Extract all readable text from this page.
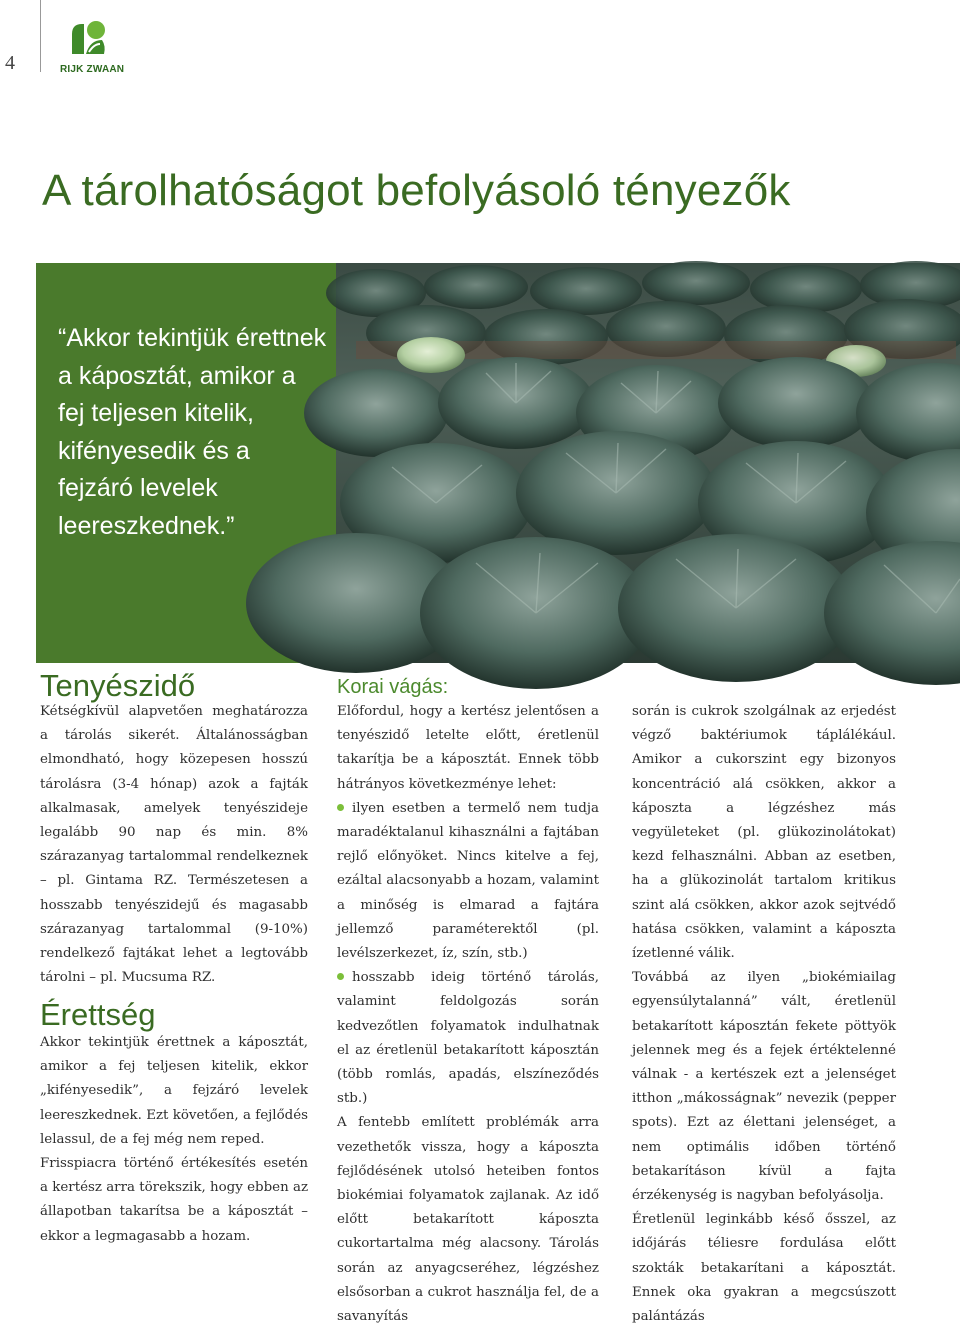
4	RIJK ZWAAN
A tárolhatóságot befolyásoló tényezők
“Akkor tekintjük érettnek a káposztát, amikor a fej teljesen kitelik, kifényesedik és a fejzáró levelek leereszkednek.”
Tenyészidő

Kétségkívül alapvetően meghatározza a tárolás sikerét. Általánosságban elmondható, hogy közepesen hosszú tárolásra (3-4 hónap) azok a fajták alkalmasak, amelyek tenyészideje legalább 90 nap és min. 8% szárazanyag tartalommal rendelkeznek – pl. Gintama RZ. Természetesen a hosszabb tenyészidejű és magasabb szárazanyag tartalommal (9-10%) rendelkező fajtákat lehet a legtovább tárolni – pl. Mucsuma RZ.

Érettség

Akkor tekintjük érettnek a káposztát, amikor a fej teljesen kitelik, ekkor „kifényesedik”, a fejzáró levelek leereszkednek. Ezt követően, a fejlődés lelassul, de a fej még nem reped.

Frisspiacra történő értékesítés esetén a kertész arra törekszik, hogy ebben az állapotban takarítsa be a káposztát – ekkor a legmagasabb a hozam.

Korai vágás:

Előfordul, hogy a kertész jelentősen a tenyészidő letelte előtt, éretlenül takarítja be a káposztát. Ennek több hátrányos következménye lehet:

ilyen esetben a termelő nem tudja maradéktalanul kihasználni a fajtában rejlő előnyöket. Nincs kitelve a fej, ezáltal alacsonyabb a hozam, valamint a minőség is elmarad a fajtára jellemző paraméterektől (pl. levélszerkezet, íz, szín, stb.)

hosszabb ideig történő tárolás, valamint feldolgozás során kedvezőtlen folyamatok indulhatnak el az éretlenül betakarított káposztán (több romlás, apadás, elszíneződés stb.)

A fentebb említett problémák arra vezethetők vissza, hogy a káposzta fejlődésének utolsó heteiben fontos biokémiai folyamatok zajlanak. Az idő előtt betakarított káposzta cukortartalma még alacsony. Tárolás során az anyagcseréhez, légzéshez elsősorban a cukrot használja fel, de a savanyítás

során is cukrok szolgálnak az erjedést végző baktériumok táplálékául. Amikor a cukorszint egy bizonyos koncentráció alá csökken, akkor a káposzta a légzéshez más vegyületeket (pl. glükozinolátokat) kezd felhasználni. Abban az esetben, ha a glükozinolát tartalom kritikus szint alá csökken, akkor azok sejtvédő hatása csökken, valamint a káposzta ízetlenné válik.

Továbbá az ilyen „biokémiailag egyensúlytalanná” vált, éretlenül betakarított káposztán fekete pöttyök jelennek meg és a fejek értéktelenné válnak - a kertészek ezt a jelenséget itthon „mákosságnak” nevezik (pepper spots). Ezt az élettani jelenséget, a nem optimális időben történő betakarításon kívül a fajta érzékenység is nagyban befolyásolja.

Éretlenül leginkább késő ősszel, az időjárás téliesre fordulása előtt szokták betakarítani a káposztát. Ennek oka gyakran a megcsúszott palántázás
